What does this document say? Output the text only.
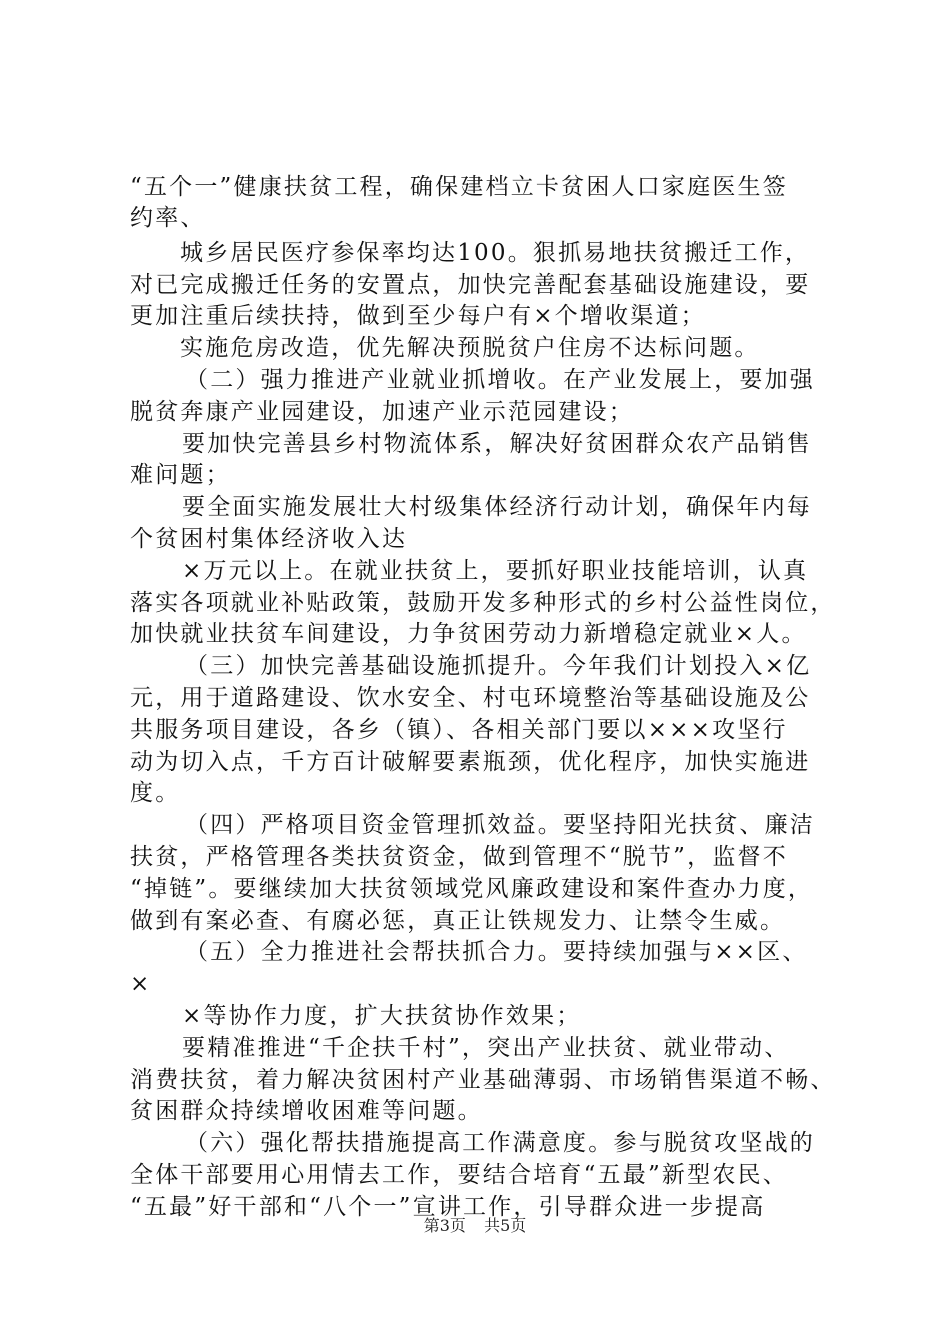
“五个一”健康扶贫工程，确保建档立卡贫困人口家庭医生签
约率、
城乡居民医疗参保率均达100。狠抓易地扶贫搬迁工作，
对已完成搬迁任务的安置点，加快完善配套基础设施建设，要
更加注重后续扶持，做到至少每户有×个增收渠道；
实施危房改造，优先解决预脱贫户住房不达标问题。
（二）强力推进产业就业抓增收。在产业发展上，要加强
脱贫奔康产业园建设，加速产业示范园建设；
要加快完善县乡村物流体系，解决好贫困群众农产品销售
难问题；
要全面实施发展壮大村级集体经济行动计划，确保年内每
个贫困村集体经济收入达
×万元以上。在就业扶贫上，要抓好职业技能培训，认真
落实各项就业补贴政策，鼓励开发多种形式的乡村公益性岗位，
加快就业扶贫车间建设，力争贫困劳动力新增稳定就业×人。
（三）加快完善基础设施抓提升。今年我们计划投入×亿
元，用于道路建设、饮水安全、村屯环境整治等基础设施及公
共服务项目建设，各乡（镇）、各相关部门要以×××攻坚行
动为切入点，千方百计破解要素瓶颈，优化程序，加快实施进
度。
（四）严格项目资金管理抓效益。要坚持阳光扶贫、廉洁
扶贫，严格管理各类扶贫资金，做到管理不“脱节”，监督不
“掉链”。要继续加大扶贫领域党风廉政建设和案件查办力度，
做到有案必查、有腐必惩，真正让铁规发力、让禁令生威。
（五）全力推进社会帮扶抓合力。要持续加强与××区、
×
×等协作力度，扩大扶贫协作效果；
要精准推进“千企扶千村”，突出产业扶贫、就业带动、
消费扶贫，着力解决贫困村产业基础薄弱、市场销售渠道不畅、
贫困群众持续增收困难等问题。
（六）强化帮扶措施提高工作满意度。参与脱贫攻坚战的
全体干部要用心用情去工作，要结合培育“五最”新型农民、
“五最”好干部和“八个一”宣讲工作，引导群众进一步提高
第3页 共5页
